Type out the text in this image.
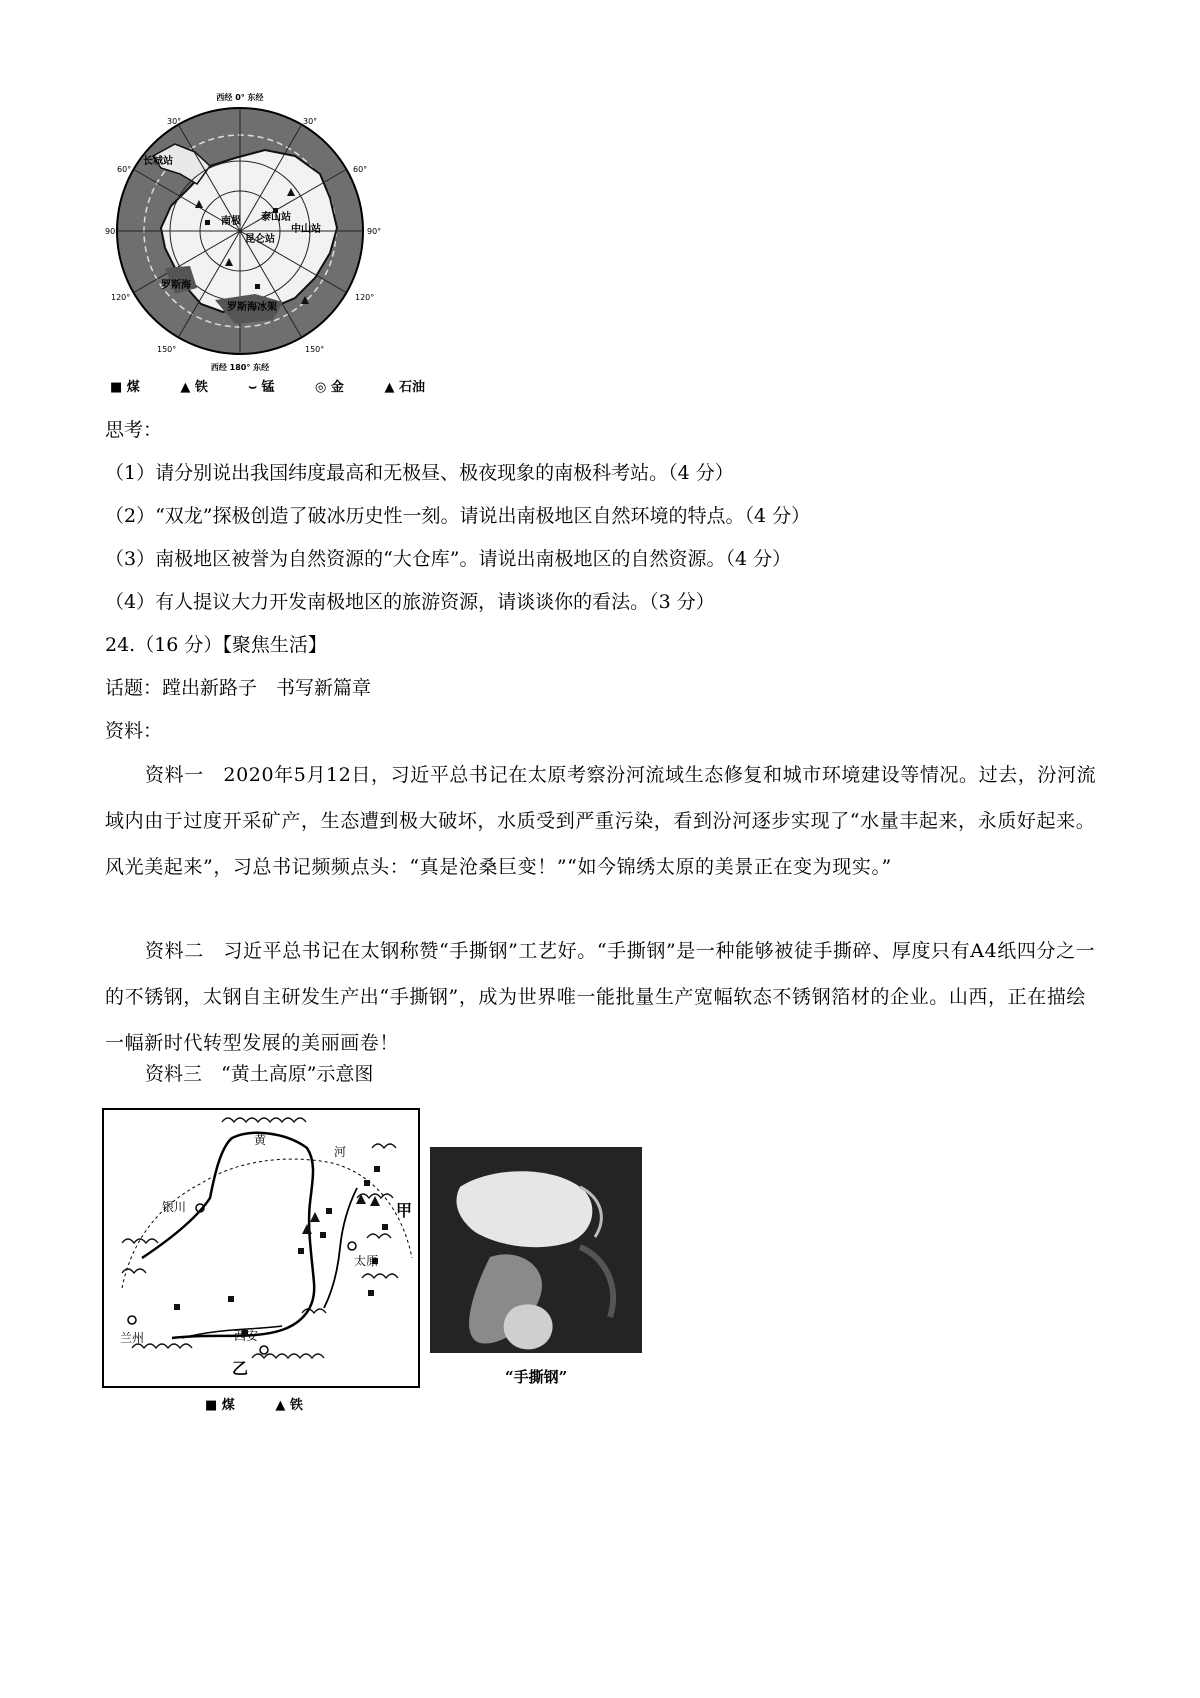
西经 0° 东经
西经 180° 东经
30°	30°
60°	60°
90°	90°
120°	120°
150°	150°
长城站
泰山站
中山站
南极
昆仑站
罗斯海
罗斯海冰架
■ 煤	▲ 铁	⌣ 锰	◎ 金	▲ 石油
思考：
（1）请分别说出我国纬度最高和无极昼、极夜现象的南极科考站。（4 分）
（2）“双龙”探极创造了破冰历史性一刻。请说出南极地区自然环境的特点。（4 分）
（3）南极地区被誉为自然资源的“大仓库”。请说出南极地区的自然资源。（4 分）
（4）有人提议大力开发南极地区的旅游资源，请谈谈你的看法。（3 分）
24.（16 分）【聚焦生活】
话题：蹚出新路子　书写新篇章
资料：
资料一　2020年5月12日，习近平总书记在太原考察汾河流域生态修复和城市环境建设等情况。过去，汾河流域内由于过度开采矿产，生态遭到极大破坏，水质受到严重污染，看到汾河逐步实现了“水量丰起来，永质好起来。风光美起来”，习总书记频频点头：“真是沧桑巨变！”“如今锦绣太原的美景正在变为现实。”
资料二　习近平总书记在太钢称赞“手撕钢”工艺好。“手撕钢”是一种能够被徒手撕碎、厚度只有A4纸四分之一的不锈钢，太钢自主研发生产出“手撕钢”，成为世界唯一能批量生产宽幅软态不锈钢箔材的企业。山西，正在描绘一幅新时代转型发展的美丽画卷！
资料三　“黄土高原”示意图
黄
河
银川
兰州	西安
太原
甲
乙
■ 煤	▲ 铁
“手撕钢”
